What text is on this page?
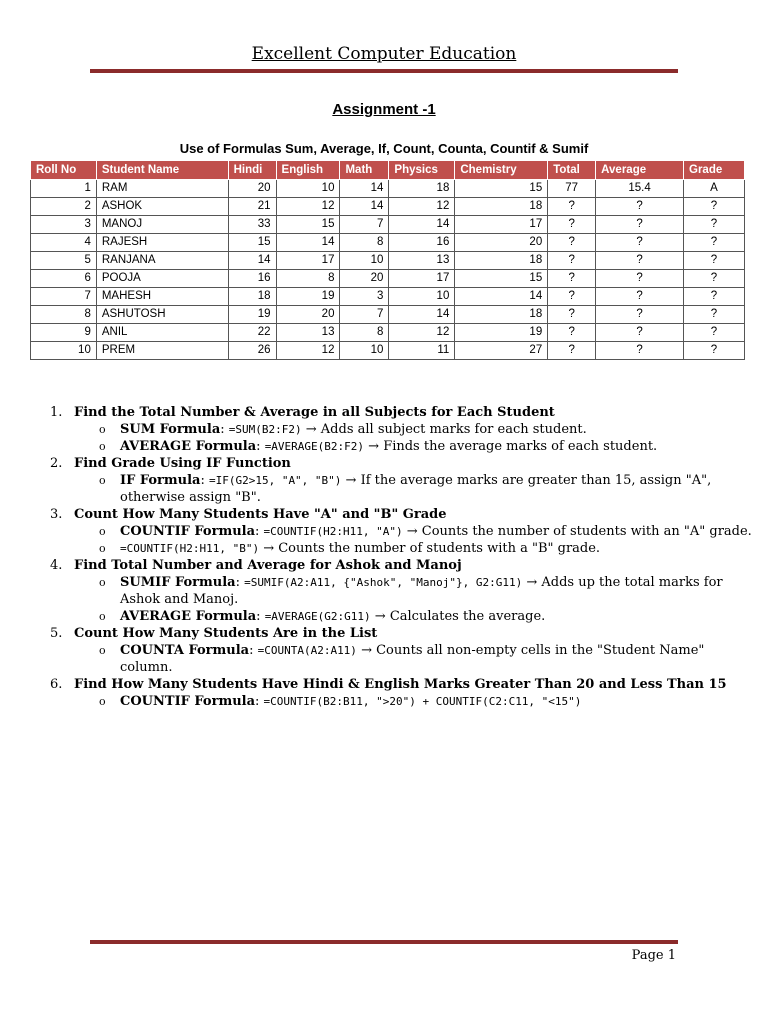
Excellent Computer Education
Assignment -1
Use of Formulas Sum, Average, If, Count, Counta, Countif & Sumif
Roll No	Student Name	Hindi	English	Math	Physics	Chemistry	Total	Average	Grade
1	RAM	20	10	14	18	15	77	15.4	A
2	ASHOK	21	12	14	12	18	?	?	?
3	MANOJ	33	15	7	14	17	?	?	?
4	RAJESH	15	14	8	16	20	?	?	?
5	RANJANA	14	17	10	13	18	?	?	?
6	POOJA	16	8	20	17	15	?	?	?
7	MAHESH	18	19	3	10	14	?	?	?
8	ASHUTOSH	19	20	7	14	18	?	?	?
9	ANIL	22	13	8	12	19	?	?	?
10	PREM	26	12	10	11	27	?	?	?
1. Find the Total Number & Average in all Subjects for Each Student
o SUM Formula: =SUM(B2:F2) → Adds all subject marks for each student.
o AVERAGE Formula: =AVERAGE(B2:F2) → Finds the average marks of each student.
2. Find Grade Using IF Function
o IF Formula: =IF(G2>15, "A", "B") → If the average marks are greater than 15, assign "A", otherwise assign "B".
3. Count How Many Students Have "A" and "B" Grade
o COUNTIF Formula: =COUNTIF(H2:H11, "A") → Counts the number of students with an "A" grade.
o =COUNTIF(H2:H11, "B") → Counts the number of students with a "B" grade.
4. Find Total Number and Average for Ashok and Manoj
o SUMIF Formula: =SUMIF(A2:A11, {"Ashok", "Manoj"}, G2:G11) → Adds up the total marks for Ashok and Manoj.
o AVERAGE Formula: =AVERAGE(G2:G11) → Calculates the average.
5. Count How Many Students Are in the List
o COUNTA Formula: =COUNTA(A2:A11) → Counts all non-empty cells in the "Student Name" column.
6. Find How Many Students Have Hindi & English Marks Greater Than 20 and Less Than 15
o COUNTIF Formula: =COUNTIF(B2:B11, ">20") + COUNTIF(C2:C11, "<15")
Page 1
